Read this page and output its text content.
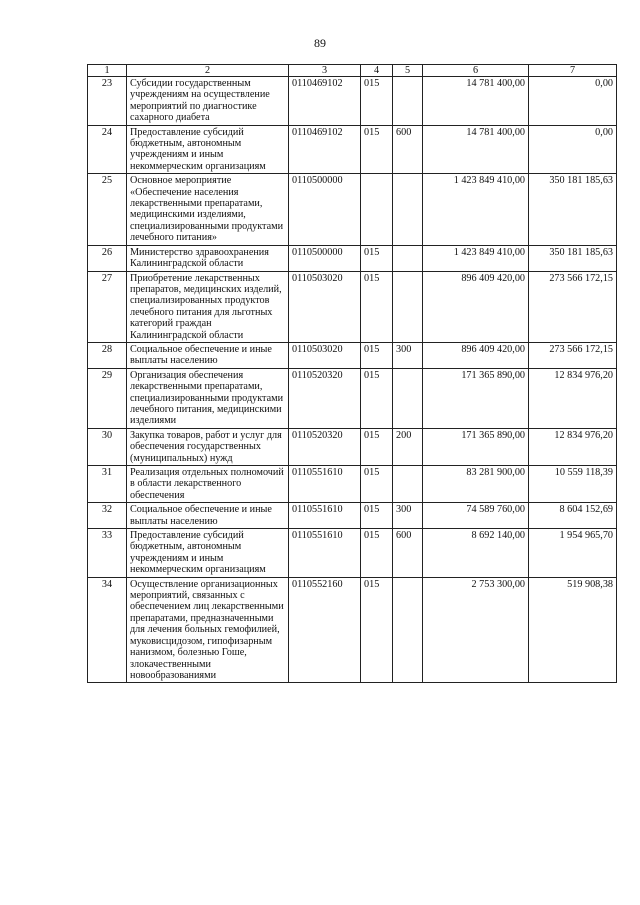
89
1	2	3	4	5	6	7
23	Субсидии государственным учреждениям на осуществление мероприятий по диагностике сахарного диабета	0110469102	015		14 781 400,00	0,00
24	Предоставление субсидий бюджетным, автономным учреждениям и иным некоммерческим организациям	0110469102	015	600	14 781 400,00	0,00
25	Основное мероприятие «Обеспечение населения лекарственными препаратами, медицинскими изделиями, специализированными продуктами лечебного питания»	0110500000			1 423 849 410,00	350 181 185,63
26	Министерство здравоохранения Калининградской области	0110500000	015		1 423 849 410,00	350 181 185,63
27	Приобретение лекарственных препаратов, медицинских изделий, специализированных продуктов лечебного питания для льготных категорий граждан Калининградской области	0110503020	015		896 409 420,00	273 566 172,15
28	Социальное обеспечение и иные выплаты населению	0110503020	015	300	896 409 420,00	273 566 172,15
29	Организация обеспечения лекарственными препаратами, специализированными продуктами лечебного питания, медицинскими изделиями	0110520320	015		171 365 890,00	12 834 976,20
30	Закупка товаров, работ и услуг для обеспечения государственных (муниципальных) нужд	0110520320	015	200	171 365 890,00	12 834 976,20
31	Реализация отдельных полномочий в области лекарственного обеспечения	0110551610	015		83 281 900,00	10 559 118,39
32	Социальное обеспечение и иные выплаты населению	0110551610	015	300	74 589 760,00	8 604 152,69
33	Предоставление субсидий бюджетным, автономным учреждениям и иным некоммерческим организациям	0110551610	015	600	8 692 140,00	1 954 965,70
34	Осуществление организационных мероприятий, связанных с обеспечением лиц лекарственными препаратами, предназначенными для лечения больных гемофилией, муковисцидозом, гипофизарным нанизмом, болезнью Гоше, злокачественными новообразованиями	0110552160	015		2 753 300,00	519 908,38
